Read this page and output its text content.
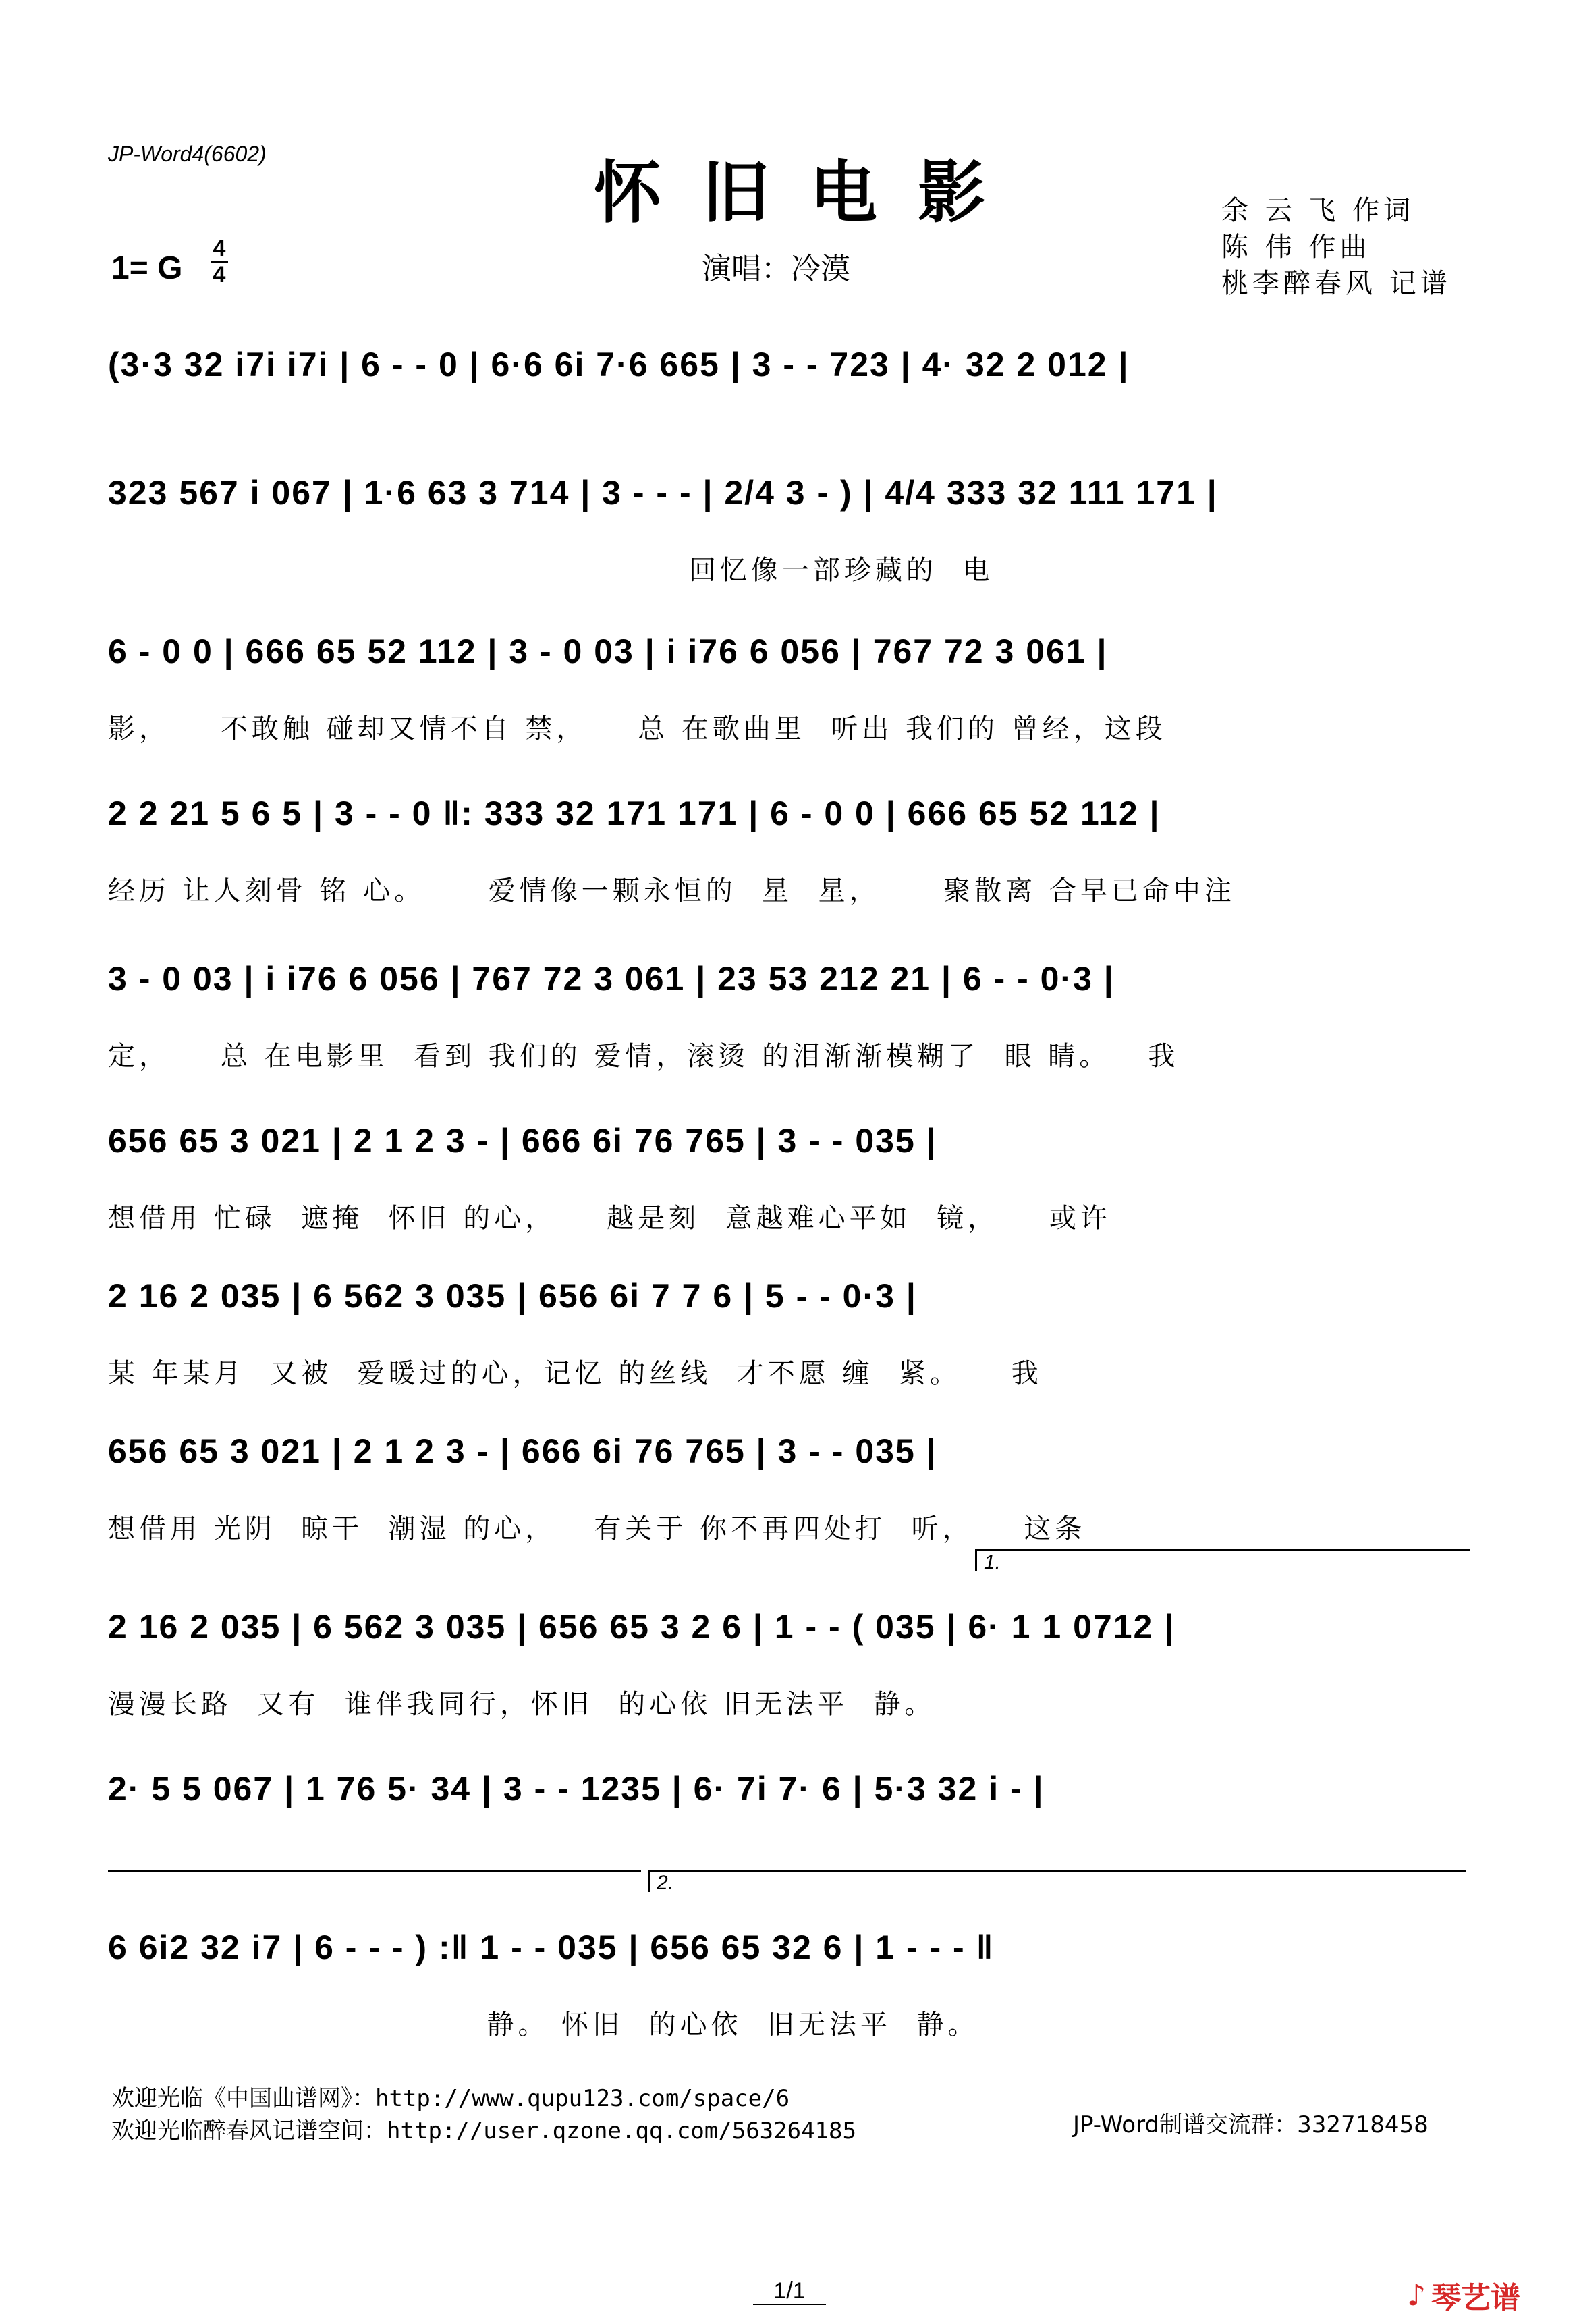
JP-Word4(6602)	怀旧电影
1= G
4
4	演唱：冷漠
余 云 飞 作词
陈 伟 作曲
桃李醉春风 记谱
(3·3 32 i7i i7i | 6 - - 0 | 6·6 6i 7·6 665 | 3 - - 723 | 4· 32 2 012 |
323 567 i 067 | 1·6 63 3 714 | 3 - - - | 2/4 3 - ) | 4/4 333 32 111 171 |
回忆像一部珍藏的  电
6 - 0 0 | 666 65 52 112 | 3 - 0 03 | i i76 6 056 | 767 72 3 061 |
影，    不敢触 碰却又情不自 禁，    总 在歌曲里  听出 我们的 曾经，这段
2 2 21 5 6 5 | 3 - - 0 ‖: 333 32 171 171 | 6 - 0 0 | 666 65 52 112 |
经历 让人刻骨 铭 心。     爱情像一颗永恒的  星  星，     聚散离 合早已命中注
3 - 0 03 | i i76 6 056 | 767 72 3 061 | 23 53 212 21 | 6 - - 0·3 |
定，    总 在电影里  看到 我们的 爱情，滚烫 的泪渐渐模糊了  眼 睛。   我
656 65 3 021 | 2 1 2 3 - | 666 6i 76 765 | 3 - - 035 |
想借用 忙碌  遮掩  怀旧 的心，    越是刻  意越难心平如  镜，    或许
2 16 2 035 | 6 562 3 035 | 656 6i 7 7 6 | 5 - - 0·3 |
某 年某月  又被  爱暖过的心，记忆 的丝线  才不愿 缠  紧。    我
656 65 3 021 | 2 1 2 3 - | 666 6i 76 765 | 3 - - 035 |
想借用 光阴  晾干  潮湿 的心，   有关于 你不再四处打  听，    这条
1.
2 16 2 035 | 6 562 3 035 | 656 65 3 2 6 | 1 - - ( 035 | 6· 1 1 0712 |
漫漫长路  又有  谁伴我同行，怀旧  的心依 旧无法平  静。
2· 5 5 067 | 1 76 5· 34 | 3 - - 1235 | 6· 7i 7· 6 | 5·3 32 i - |
2.
6 6i2 32 i7 | 6 - - - ) :‖ 1 - - 035 | 656 65 32 6 | 1 - - - ‖
静。 怀旧  的心依  旧无法平  静。
欢迎光临《中国曲谱网》：http://www.qupu123.com/space/6
欢迎光临醉春风记谱空间：http://user.qzone.qq.com/563264185	JP-Word制谱交流群：332718458
1/1	♪ 琴艺谱
